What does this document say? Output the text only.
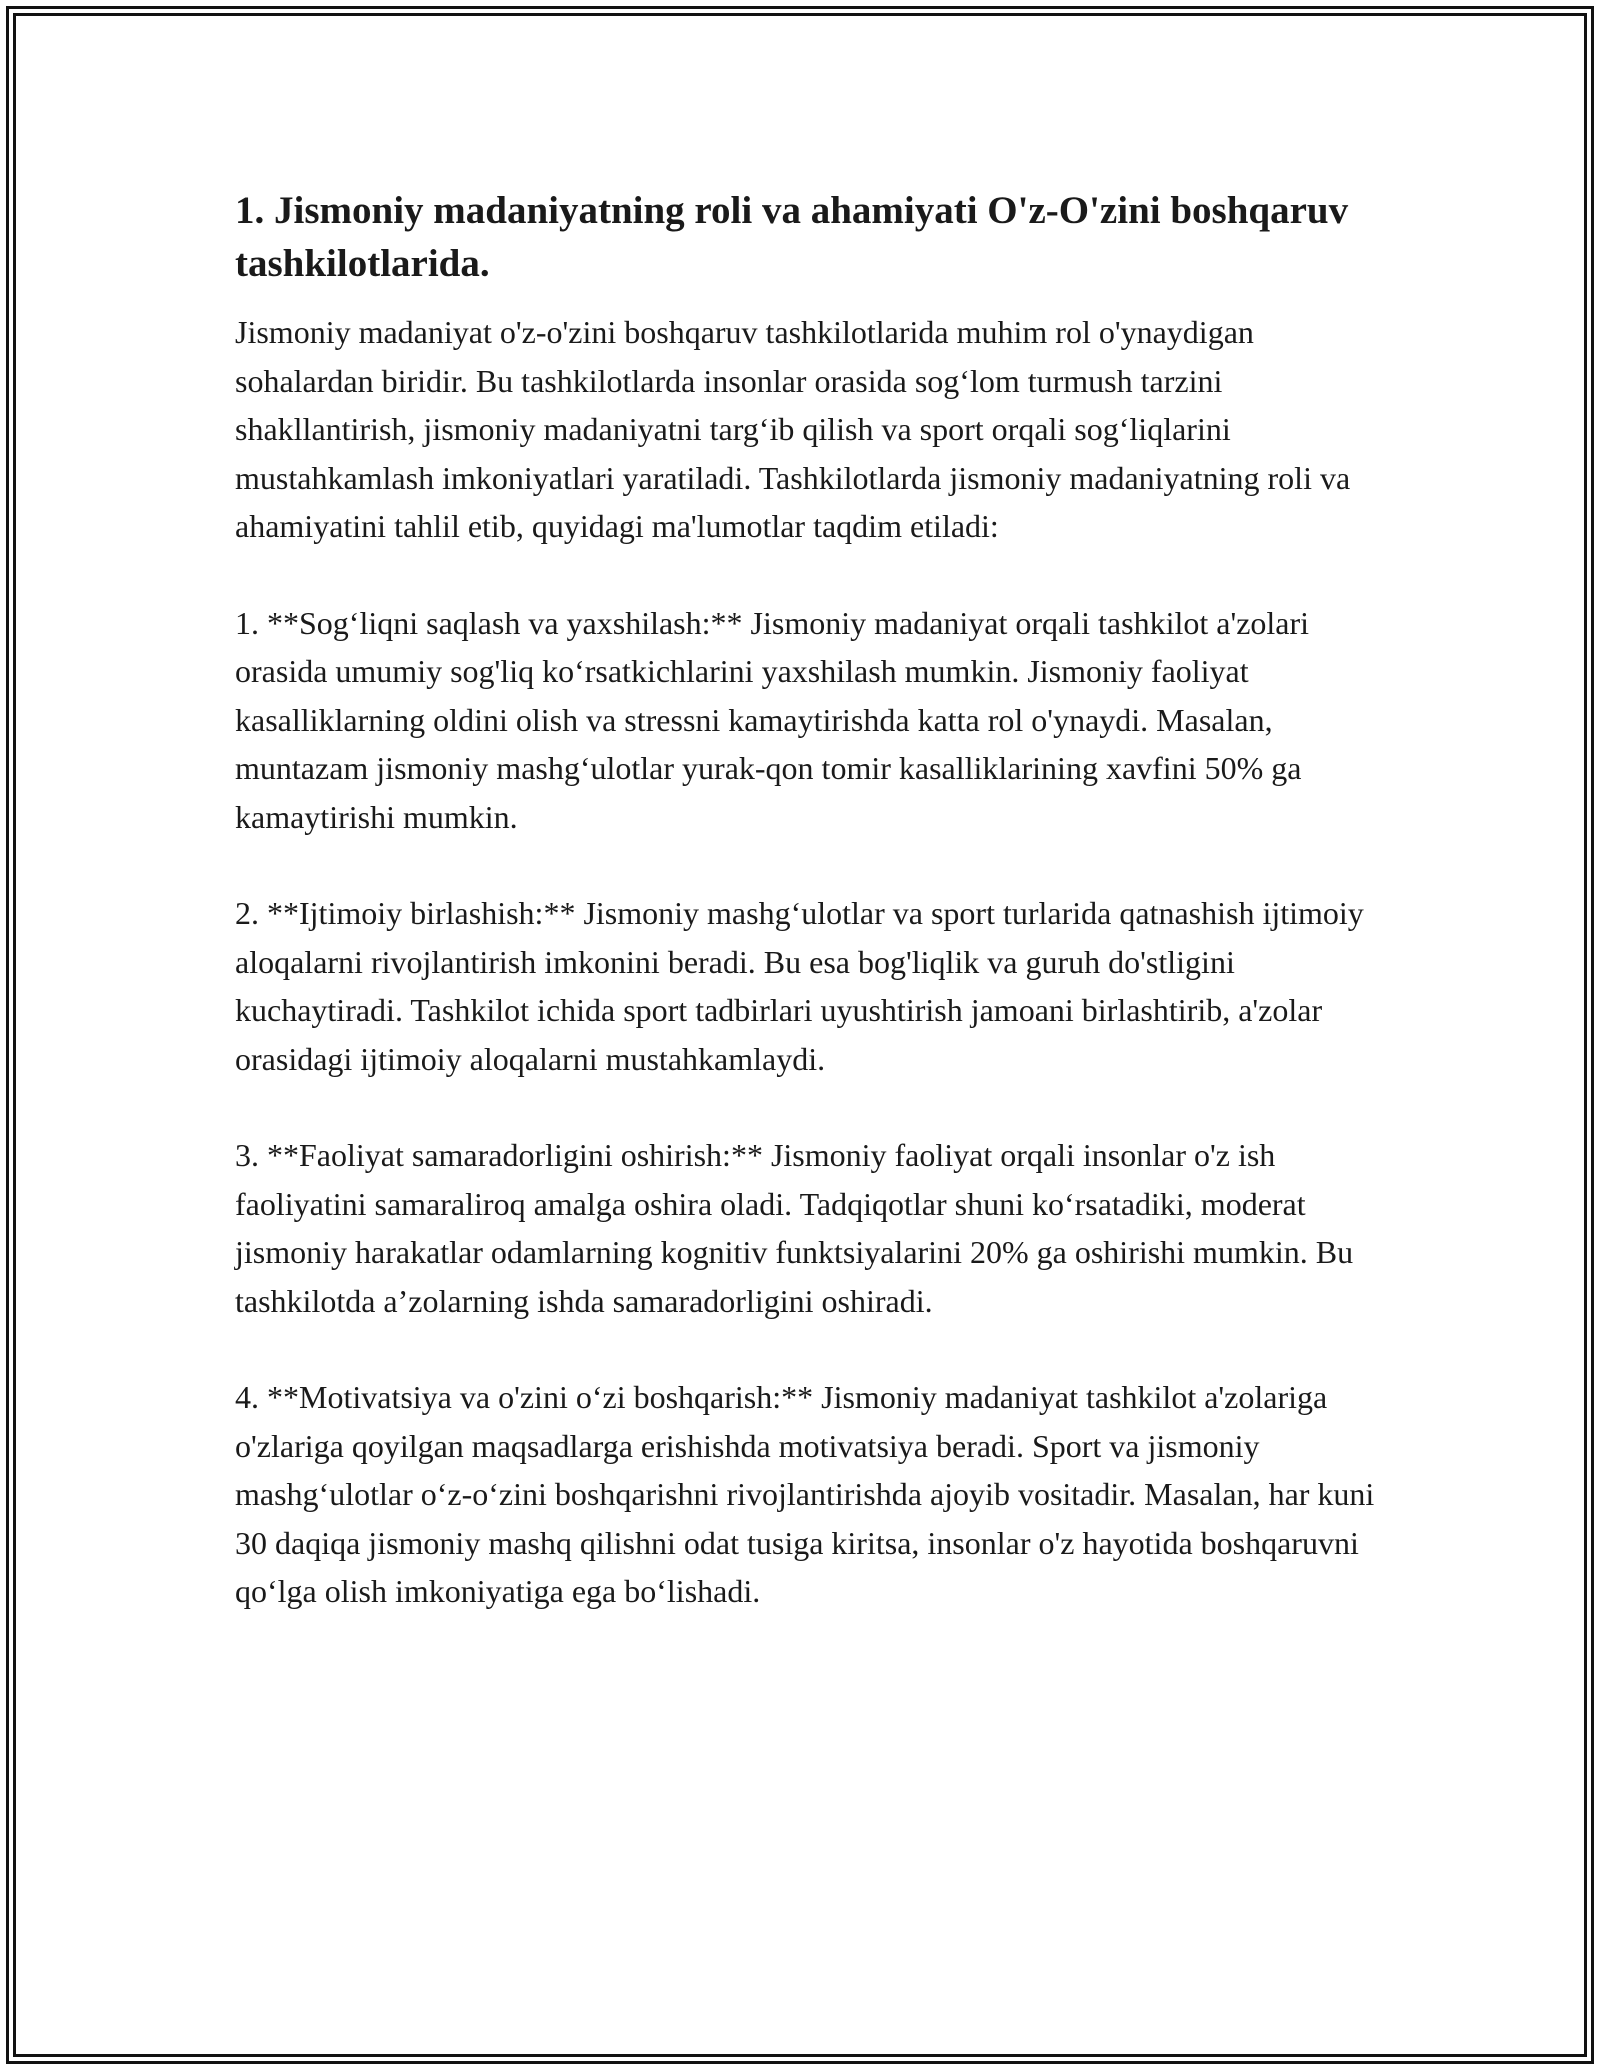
1. Jismoniy madaniyatning roli va ahamiyati O'z-O'zini boshqaruv tashkilotlarida.

Jismoniy madaniyat o'z-o'zini boshqaruv tashkilotlarida muhim rol o'ynaydigan sohalardan biridir. Bu tashkilotlarda insonlar orasida sog‘lom turmush tarzini shakllantirish, jismoniy madaniyatni targ‘ib qilish va sport orqali sog‘liqlarini mustahkamlash imkoniyatlari yaratiladi. Tashkilotlarda jismoniy madaniyatning roli va ahamiyatini tahlil etib, quyidagi ma'lumotlar taqdim etiladi:

1. **Sog‘liqni saqlash va yaxshilash:** Jismoniy madaniyat orqali tashkilot a'zolari orasida umumiy sog'liq ko‘rsatkichlarini yaxshilash mumkin. Jismoniy faoliyat kasalliklarning oldini olish va stressni kamaytirishda katta rol o'ynaydi. Masalan, muntazam jismoniy mashg‘ulotlar yurak-qon tomir kasalliklarining xavfini 50% ga kamaytirishi mumkin.

2. **Ijtimoiy birlashish:** Jismoniy mashg‘ulotlar va sport turlarida qatnashish ijtimoiy aloqalarni rivojlantirish imkonini beradi. Bu esa bog'liqlik va guruh do'stligini kuchaytiradi. Tashkilot ichida sport tadbirlari uyushtirish jamoani birlashtirib, a'zolar orasidagi ijtimoiy aloqalarni mustahkamlaydi.

3. **Faoliyat samaradorligini oshirish:** Jismoniy faoliyat orqali insonlar o'z ish faoliyatini samaraliroq amalga oshira oladi. Tadqiqotlar shuni ko‘rsatadiki, moderat jismoniy harakatlar odamlarning kognitiv funktsiyalarini 20% ga oshirishi mumkin. Bu tashkilotda a’zolarning ishda samaradorligini oshiradi.

4. **Motivatsiya va o'zini o‘zi boshqarish:** Jismoniy madaniyat tashkilot a'zolariga o'zlariga qoyilgan maqsadlarga erishishda motivatsiya beradi. Sport va jismoniy mashg‘ulotlar o‘z-o‘zini boshqarishni rivojlantirishda ajoyib vositadir. Masalan, har kuni 30 daqiqa jismoniy mashq qilishni odat tusiga kiritsa, insonlar o'z hayotida boshqaruvni qo‘lga olish imkoniyatiga ega bo‘lishadi.
